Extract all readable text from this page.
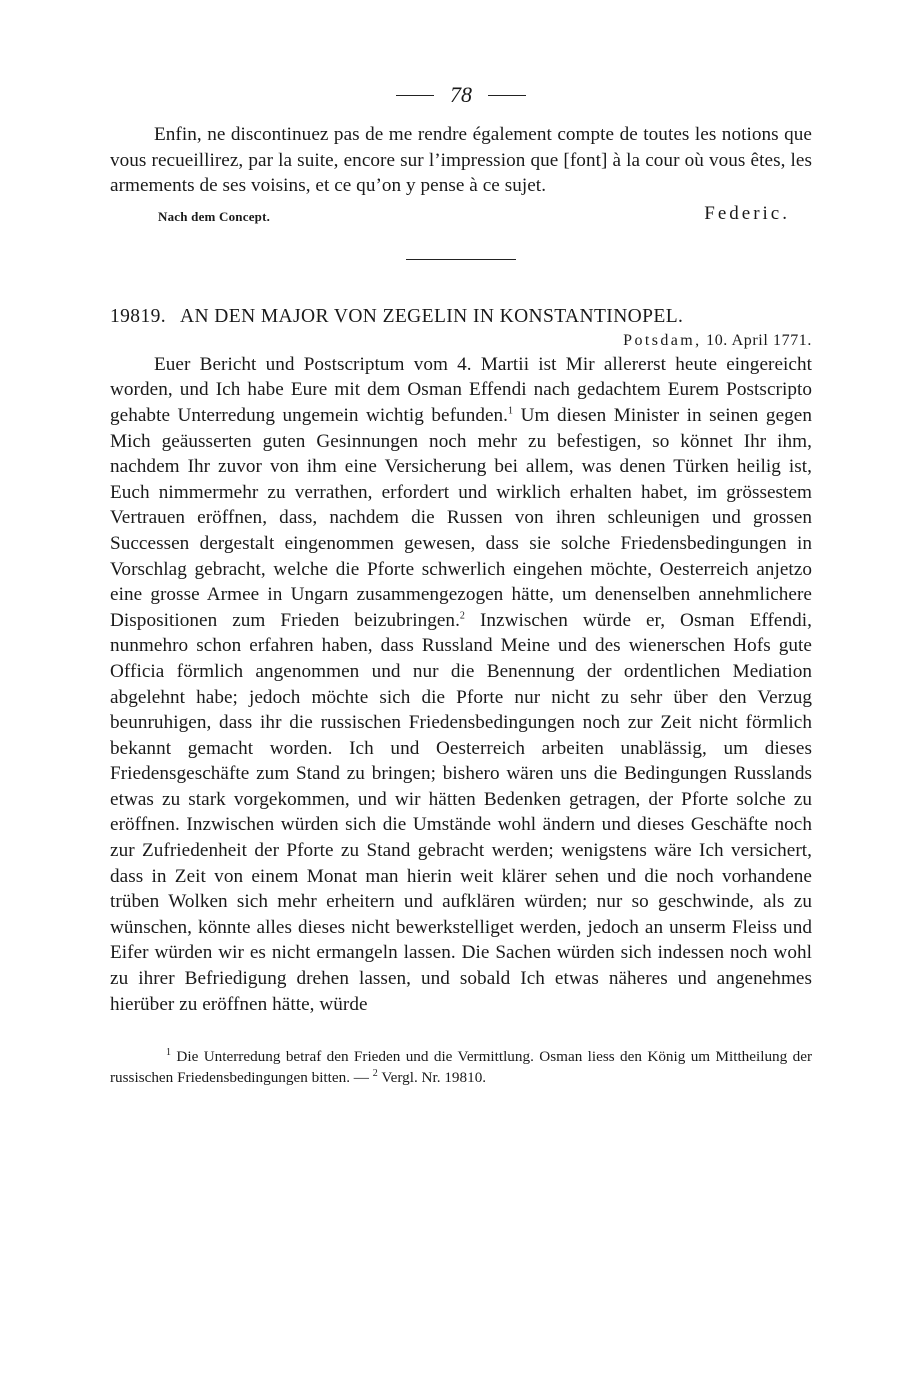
78

Enfin, ne discontinuez pas de me rendre également compte de toutes les notions que vous recueillirez, par la suite, encore sur l’impression que [font] à la cour où vous êtes, les armements de ses voisins, et ce qu’on y pense à ce sujet.

Nach dem Concept.	Federic.
19819. AN DEN MAJOR VON ZEGELIN IN KONSTANTINOPEL.
Potsdam, 10. April 1771.

Euer Bericht und Postscriptum vom 4. Martii ist Mir allererst heute eingereicht worden, und Ich habe Eure mit dem Osman Effendi nach gedachtem Eurem Postscripto gehabte Unterredung ungemein wichtig befunden.$^1$ Um diesen Minister in seinen gegen Mich geäusserten guten Gesinnungen noch mehr zu befestigen, so könnet Ihr ihm, nachdem Ihr zuvor von ihm eine Versicherung bei allem, was denen Türken heilig ist, Euch nimmermehr zu verrathen, erfordert und wirklich erhalten habet, im grössestem Vertrauen eröffnen, dass, nachdem die Russen von ihren schleunigen und grossen Successen dergestalt eingenommen gewesen, dass sie solche Friedensbedingungen in Vorschlag gebracht, welche die Pforte schwerlich eingehen möchte, Oesterreich anjetzo eine grosse Armee in Ungarn zusammengezogen hätte, um denenselben annehmlichere Dispositionen zum Frieden beizubringen.$^2$ Inzwischen würde er, Osman Effendi, nunmehro schon erfahren haben, dass Russland Meine und des wienerschen Hofs gute Officia förmlich angenommen und nur die Benennung der ordentlichen Mediation abgelehnt habe; jedoch möchte sich die Pforte nur nicht zu sehr über den Verzug beunruhigen, dass ihr die russischen Friedensbedingungen noch zur Zeit nicht förmlich bekannt gemacht worden. Ich und Oesterreich arbeiten unablässig, um dieses Friedensgeschäfte zum Stand zu bringen; bishero wären uns die Bedingungen Russlands etwas zu stark vorgekommen, und wir hätten Bedenken getragen, der Pforte solche zu eröffnen. Inzwischen würden sich die Umstände wohl ändern und dieses Geschäfte noch zur Zufriedenheit der Pforte zu Stand gebracht werden; wenigstens wäre Ich versichert, dass in Zeit von einem Monat man hierin weit klärer sehen und die noch vorhandene trüben Wolken sich mehr erheitern und aufklären würden; nur so geschwinde, als zu wünschen, könnte alles dieses nicht bewerkstelliget werden, jedoch an unserm Fleiss und Eifer würden wir es nicht ermangeln lassen. Die Sachen würden sich indessen noch wohl zu ihrer Befriedigung drehen lassen, und sobald Ich etwas näheres und angenehmes hierüber zu eröffnen hätte, würde

$^1$ Die Unterredung betraf den Frieden und die Vermittlung. Osman liess den König um Mittheilung der russischen Friedensbedingungen bitten. — $^2$ Vergl. Nr. 19810.
